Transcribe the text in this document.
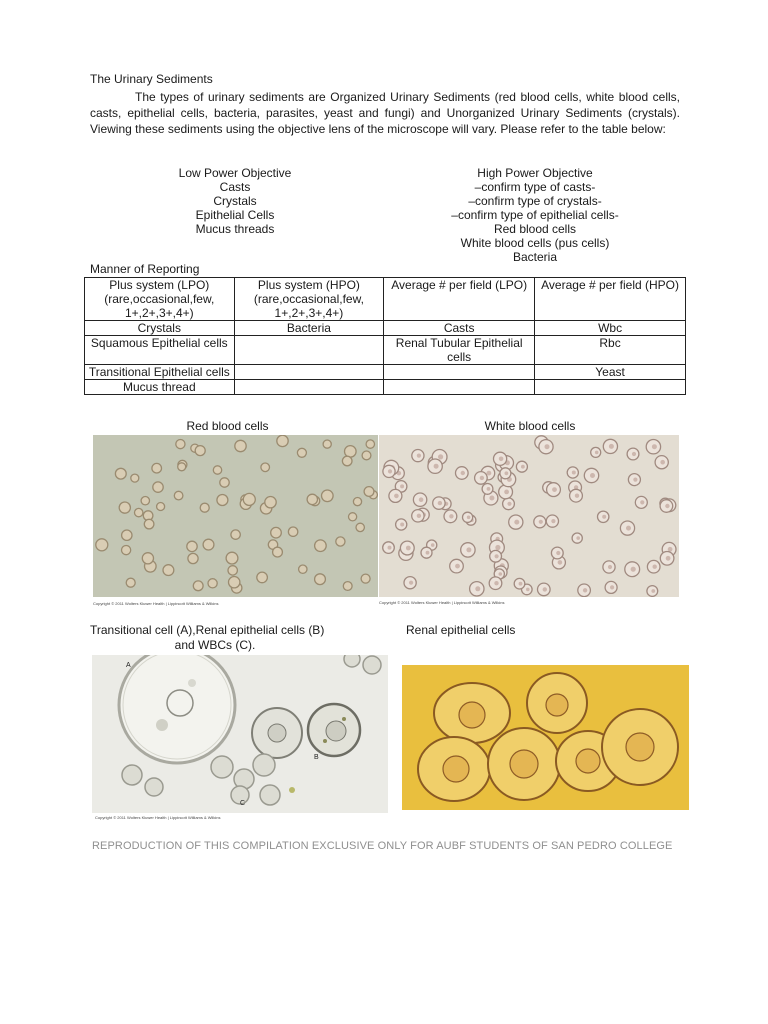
The Urinary Sediments

The types of urinary sediments are Organized Urinary Sediments (red blood cells, white blood cells, casts, epithelial cells, bacteria, parasites, yeast and fungi) and Unorganized Urinary Sediments (crystals). Viewing these sediments using the objective lens of the microscope will vary. Please refer to the table below:

Low Power Objective
Casts
Crystals
Epithelial Cells
Mucus threads
High Power Objective
–confirm type of casts-
–confirm type of crystals-
–confirm type of epithelial cells-
Red blood cells
White blood cells (pus cells)
Bacteria
Manner of Reporting
Plus system (LPO) (rare,occasional,few, 1+,2+,3+,4+)	Plus system (HPO) (rare,occasional,few, 1+,2+,3+,4+)	Average # per field (LPO)	Average # per field (HPO)
Crystals	Bacteria	Casts	Wbc
Squamous Epithelial cells		Renal Tubular Epithelial cells	Rbc
Transitional Epithelial cells			Yeast
Mucus thread			
Red blood cells	White blood cells
Copyright © 2011 Wolters Kluwer Health | Lippincott Williams & Wilkins	Copyright © 2011 Wolters Kluwer Health | Lippincott Williams & Wilkins
Transitional cell (A),Renal epithelial cells (B)
and WBCs (C).
Renal epithelial cells
A
B
C
Copyright © 2011 Wolters Kluwer Health | Lippincott Williams & Wilkins
REPRODUCTION OF THIS COMPILATION EXCLUSIVE ONLY FOR AUBF STUDENTS OF SAN PEDRO COLLEGE
